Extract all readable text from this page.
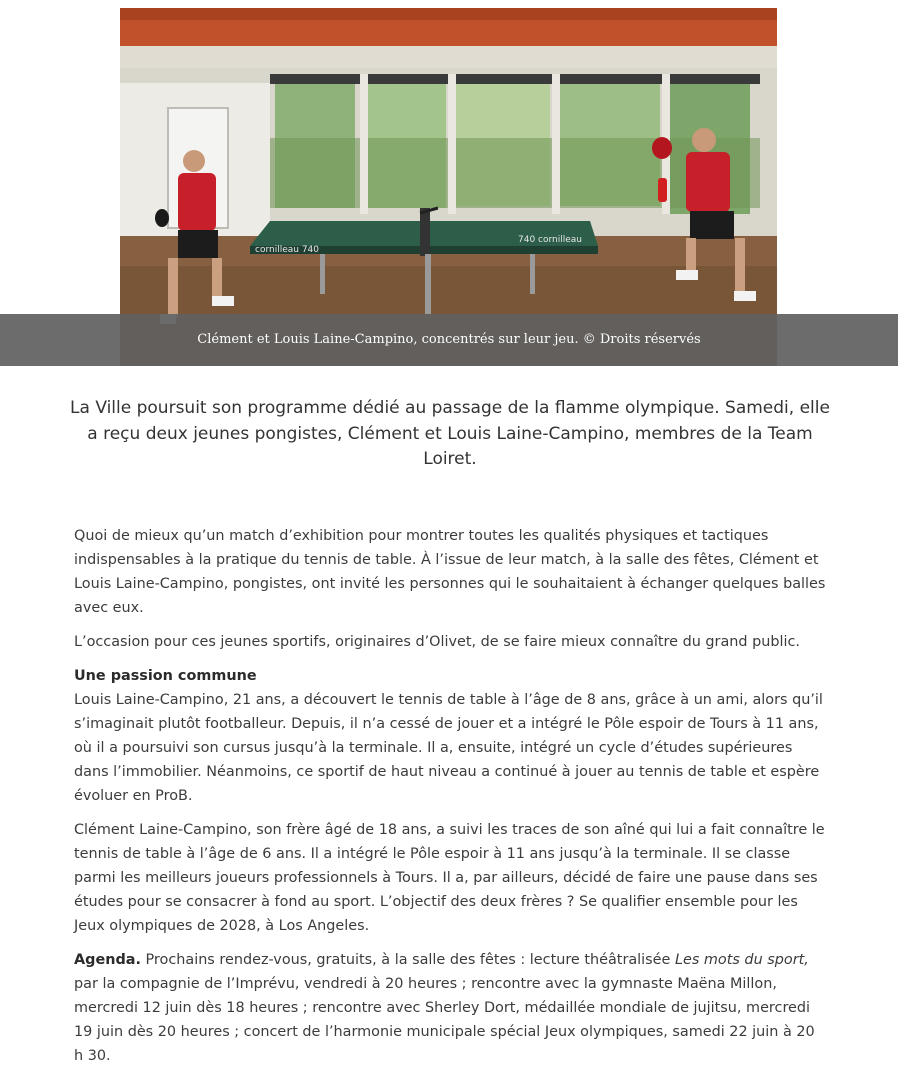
cornilleau 740
740 cornilleau
Clément et Louis Laine-Campino, concentrés sur leur jeu. © Droits réservés

La Ville poursuit son programme dédié au passage de la flamme olympique. Samedi, elle a reçu deux jeunes pongistes, Clément et Louis Laine-Campino, membres de la Team Loiret.

Quoi de mieux qu’un match d’exhibition pour montrer toutes les qualités physiques et tactiques indispensables à la pratique du tennis de table. À l’issue de leur match, à la salle des fêtes, Clément et Louis Laine-Campino, pongistes, ont invité les personnes qui le souhaitaient à échanger quelques balles avec eux.

L’occasion pour ces jeunes sportifs, originaires d’Olivet, de se faire mieux connaître du grand public.

Une passion commune

Louis Laine-Campino, 21 ans, a découvert le tennis de table à l’âge de 8 ans, grâce à un ami, alors qu’il s’imaginait plutôt footballeur. Depuis, il n’a cessé de jouer et a intégré le Pôle espoir de Tours à 11 ans, où il a poursuivi son cursus jusqu’à la terminale. Il a, ensuite, intégré un cycle d’études supérieures dans l’immobilier. Néanmoins, ce sportif de haut niveau a continué à jouer au tennis de table et espère évoluer en ProB.

Clément Laine-Campino, son frère âgé de 18 ans, a suivi les traces de son aîné qui lui a fait connaître le tennis de table à l’âge de 6 ans. Il a intégré le Pôle espoir à 11 ans jusqu’à la terminale. Il se classe parmi les meilleurs joueurs professionnels à Tours. Il a, par ailleurs, décidé de faire une pause dans ses études pour se consacrer à fond au sport. L’objectif des deux frères ? Se qualifier ensemble pour les Jeux olympiques de 2028, à Los Angeles.

Agenda. Prochains rendez-vous, gratuits, à la salle des fêtes : lecture théâtralisée Les mots du sport, par la compagnie de l’Imprévu, vendredi à 20 heures ; rencontre avec la gymnaste Maëna Millon, mercredi 12 juin dès 18 heures ; rencontre avec Sherley Dort, médaillée mondiale de jujitsu, mercredi 19 juin dès 20 heures ; concert de l’harmonie municipale spécial Jeux olympiques, samedi 22 juin à 20 h 30.
